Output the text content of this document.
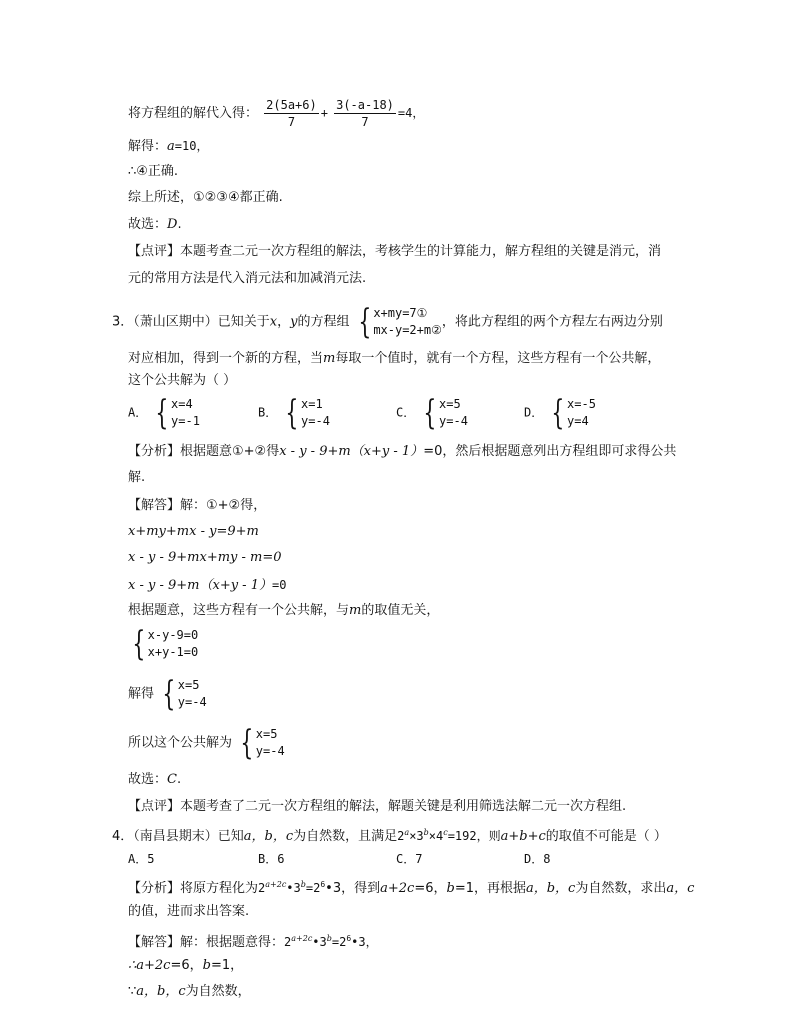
将方程组的解代入得： $\frac{2(5a+6)}{7} + \frac{3(-a-18)}{7} =4$，
解得：a=10，
∴④正确.
综上所述，①②③④都正确.
故选：D.
【点评】本题考查二元一次方程组的解法，考核学生的计算能力，解方程组的关键是消元，消
元的常用方法是代入消元法和加减消元法.
3．（萧山区期中）已知关于x，y的方程组 { x+my=7①
mx-y=2+m②
，将此方程组的两个方程左右两边分别
对应相加，得到一个新的方程，当m每取一个值时，就有一个方程，这些方程有一个公共解，
这个公共解为（ ）
A． { x=4
y=-1
B． { x=1
y=-4
C． { x=5
y=-4
D． { x=-5
y=4
【分析】根据题意①+②得x - y - 9+m（x+y - 1）=0，然后根据题意列出方程组即可求得公共
解.
【解答】解：①+②得，
x+my+mx - y=9+m
x - y - 9+mx+my - m=0
x - y - 9+m（x+y - 1）=0
根据题意，这些方程有一个公共解，与m的取值无关，
{ x-y-9=0
x+y-1=0
解得 { x=5
y=-4
所以这个公共解为 { x=5
y=-4
故选：C.
【点评】本题考查了二元一次方程组的解法，解题关键是利用筛选法解二元一次方程组.
4．（南昌县期末）已知a，b，c为自然数，且满足$2^a\times 3^b\times 4^c=192$，则a+b+c的取值不可能是（ ）
A．5	B．6	C．7	D．8
【分析】将原方程化为$2^{a+2c}•3^b=2^6•3$，得到a+2c=6，b=1，再根据a，b，c为自然数，求出a，c
的值，进而求出答案.
【解答】解：根据题意得：$2^{a+2c}•3^b=2^6•3$，
∴a+2c=6，b=1，
∵a，b，c为自然数，
